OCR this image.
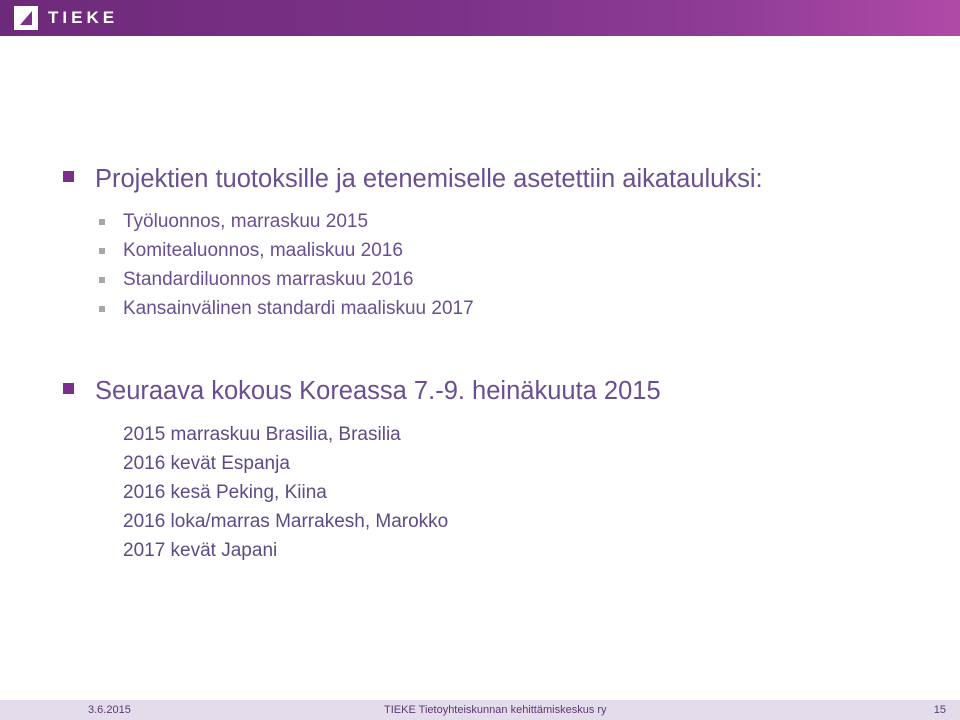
TIEKE
Projektien tuotoksille ja etenemiselle asetettiin aikatauluksi:
Työluonnos, marraskuu 2015
Komitealuonnos, maaliskuu 2016
Standardiluonnos marraskuu 2016
Kansainvälinen standardi maaliskuu 2017
Seuraava kokous Koreassa 7.-9. heinäkuuta 2015
2015 marraskuu Brasilia, Brasilia
2016 kevät Espanja
2016 kesä Peking, Kiina
2016 loka/marras Marrakesh, Marokko
2017 kevät Japani
3.6.2015	TIEKE Tietoyhteiskunnan kehittämiskeskus ry	15
